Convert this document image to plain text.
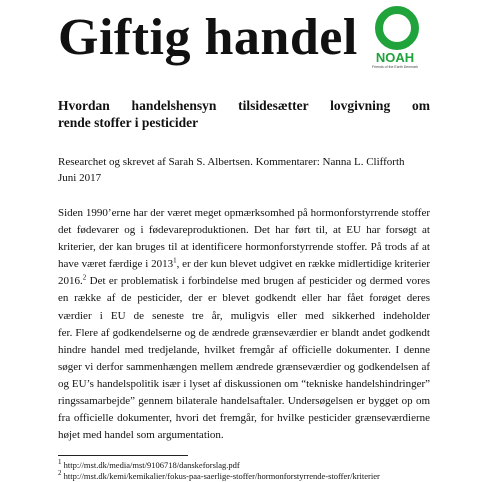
Giftig handel	NOAH
Friends of the Earth Denmark
Hvordan handelshensyn tilsidesætter lovgivning om
rende stoffer i pesticider
Researchet og skrevet af Sarah S. Albertsen. Kommentarer: Nanna L. Clifforth
Juni 2017
Siden 1990’erne har der været meget opmærksomhed på hormonforstyrrende stoffer
det fødevarer og i fødevareproduktionen. Det har ført til, at EU har forsøgt at
kriterier, der kan bruges til at identificere hormonforstyrrende stoffer. På trods af at
have været færdige i 2013$^1$, er der kun blevet udgivet en række midlertidige kriterier
2016.$^2$ Det er problematisk i forbindelse med brugen af pesticider og dermed vores
en række af de pesticider, der er blevet godkendt eller har fået forøget deres
værdier i EU de seneste tre år, muligvis eller med sikkerhed indeholder
fer. Flere af godkendelserne og de ændrede grænseværdier er blandt andet godkendt
hindre handel med tredjelande, hvilket fremgår af officielle dokumenter. I denne
søger vi derfor sammenhængen mellem ændrede grænseværdier og godkendelsen af
og EU’s handelspolitik især i lyset af diskussionen om “tekniske handelshindringer”
ringssamarbejde” gennem bilaterale handelsaftaler. Undersøgelsen er bygget op om
fra officielle dokumenter, hvori det fremgår, for hvilke pesticider grænseværdierne
højet med handel som argumentation.
$^1$ http://mst.dk/media/mst/9106718/danskeforslag.pdf
$^2$ http://mst.dk/kemi/kemikalier/fokus-paa-saerlige-stoffer/hormonforstyrrende-stoffer/kriterier
